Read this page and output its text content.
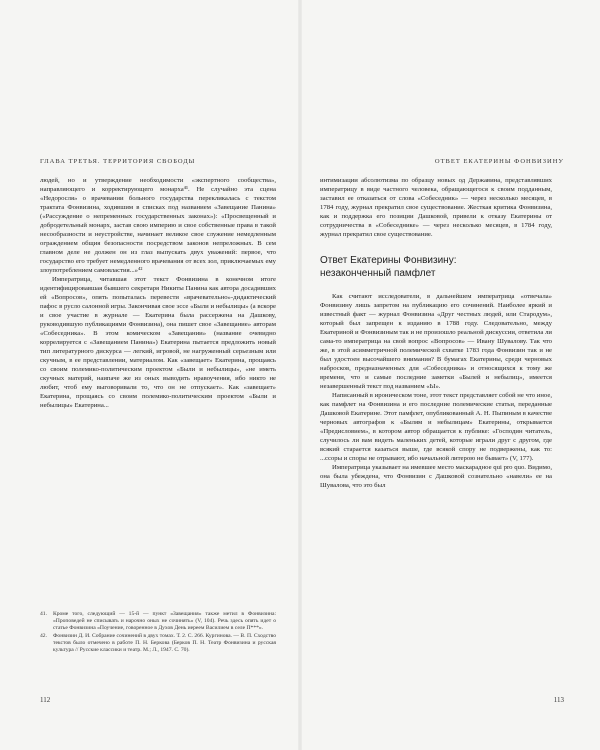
ГЛАВА ТРЕТЬЯ. ТЕРРИТОРИЯ СВОБОДЫ

людей, но и утверждение необходимости «экспертного сообщества», направляющего и корректирующего монарха⁴¹. Не случайно эта сцена «Недоросля» о врачевании больного государства перекликалась с текстом трактата Фонвизина, ходившим в списках под названием «Завещание Панина» («Рассуждение о непременных государственных законах»): «Просвещенный и добродетельный монарх, застав свою империю и свое собственные права в такой несообразности и неустройстве, начинает великое свое служение немедленным ограждением общия безопасности посредством законов непреложных. В сем главном деле не должен он из глаз выпускать двух уважений: первое, что государство его требует немедленного врачевания от всех зол, приключаемых ему злоупотреблением самовластия...»⁴²

Императрица, читавшая этот текст Фонвизина в конечном итоге идентифицировавшая бывшего секретаря Никиты Панина как автора досадивших ей «Вопросов», опять попыталась перевести «врачевательно»-дидактический пафос в русло салонной игры. Закончивая свое эссе «Были и небылицы» (а вскоре и свое участие в журнале — Екатерина была рассержена на Дашкову, руководившую публикациями Фонвизина), она пишет свое «Завещание» авторам «Собеседника». В этом комическом «Завещании» (название очевидно коррелируется с «Завещанием Панина») Екатерина пытается предложить новый тип литературного дискурса — легкий, игровой, не нагруженный серьезным или скучным, в ее представлении, материалом. Как «завещает» Екатерина, прощаясь со своим полемико-политическим проектом «Были и небылицы», «не иметь скучных материй, наипаче же из оных выводить нравоучения, ибо никто не любит, чтоб ему выговоривали то, что он не отпускает». Как «завещает» Екатерина, прощаясь со своим полемико-политическим проектом «Были и небылицы» Екатерина...

41. Кроме того, следующий — 15-й — пункт «Завещания» также метил в Фонвизина: «Проповедей не списывать и нарочно оных не сочинять» (V, 104). Речь здесь опять идет о статье Фонвизина «Поучение, говоренное в Духов День иереем Василием в селе П***».
42. Фонвизин Д. И. Собрание сочинений в двух томах. Т. 2. С. 266. Кургинова. — В. П. Сходство текстов было отмечено в работе П. Н. Беркова (Берков П. Н. Театр Фонвизина и русская культура // Русские классики и театр. М.; Л., 1947. С. 70).
112
ОТВЕТ ЕКАТЕРИНЫ ФОНВИЗИНУ

интимизации абсолютизма по образцу новых од Державина, представлявших императрицу в виде частного человека, обращающегося к своим подданным, заставил ее отказаться от слова «Собеседник» — через несколько месяцев, в 1784 году, журнал прекратил свое существование. Жесткая критика Фонвизина, как и поддержка его позиции Дашковой, привели к отказу Екатерины от сотрудничества в «Собеседнике» — через несколько месяцев, в 1784 году, журнал прекратил свое существование.

Ответ Екатерины Фонвизину:
незаконченный памфлет

Как считают исследователи, в дальнейшем императрица «отвечала» Фонвизину лишь запретом на публикацию его сочинений. Наиболее яркий и известный факт — журнал Фонвизина «Друг честных людей, или Стародум», который был запрещен к изданию в 1788 году. Следовательно, между Екатериной и Фонвизиным так и не произошло реальной дискуссии, ответила ли сама-то императрица на свой вопрос «Вопросов» — Ивану Шувалову. Так что же, в этой асимметричной полемической схватке 1783 года Фонвизин так и не был удостоен высочайшего внимания? В бумагах Екатерины, среди черновых набросков, предназначенных для «Собеседника» и относящихся к тому же времени, что и самые последние заметки «Былей и небылиц», имеется незавершенный текст под названием «Ы».

Написанный в ироническом тоне, этот текст представляет собой не что иное, как памфлет на Фонвизина и его последние полемические статьи, переданные Дашковой Екатерине. Этот памфлет, опубликованный А. Н. Пыпиным в качестве черновых автографов к «Былям и небылицам» Екатерины, открывается «Предисловием», в котором автор обращается к публике: «Господин читатель, случилось ли вам видеть маленьких детей, которые играли друг с другом, где всякий старается казаться выше, где всякой спору не подвержены, как то: ...ссоры и споры не отрывают, ибо начальной литерою не бывает» (V, 177).

Императрица указывает на имевшее место маскарадное qui pro quo. Видимо, она была убеждена, что Фонвизин с Дашковой сознательно «навели» ее на Шувалова, что это был

113
